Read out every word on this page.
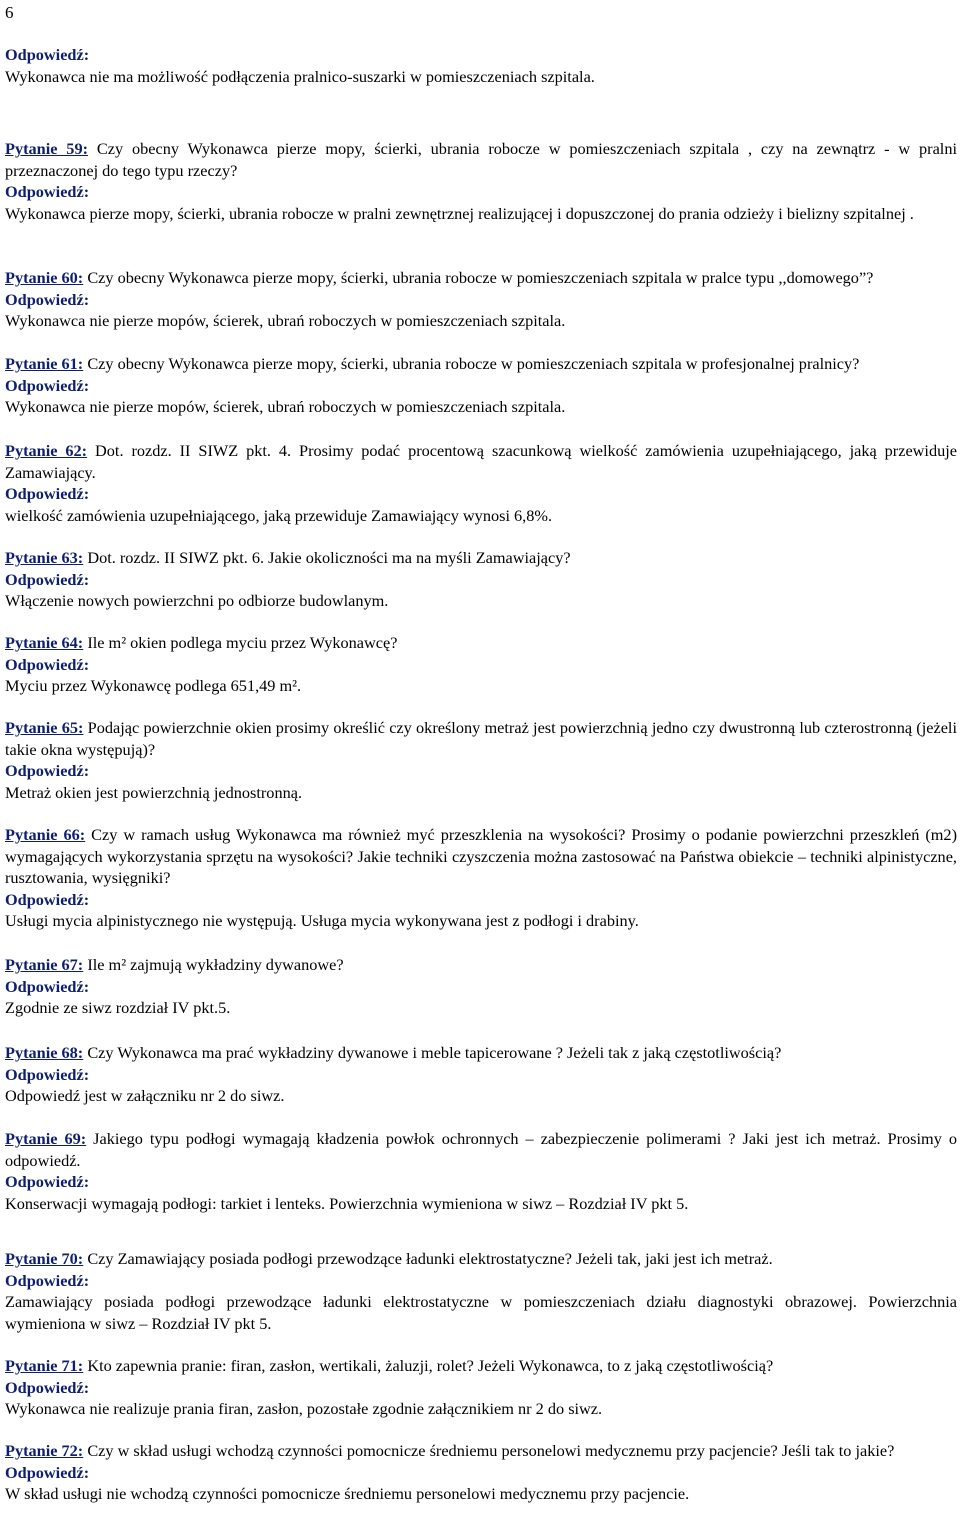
6

Odpowiedź:

Wykonawca nie ma możliwość podłączenia pralnico-suszarki w pomieszczeniach szpitala.

Pytanie 59: Czy obecny Wykonawca pierze mopy, ścierki, ubrania robocze w pomieszczeniach szpitala , czy na zewnątrz - w pralni przeznaczonej do tego typu rzeczy?

Odpowiedź:

Wykonawca pierze mopy, ścierki, ubrania robocze w pralni zewnętrznej realizującej i dopuszczonej do prania odzieży i bielizny szpitalnej .

Pytanie 60: Czy obecny Wykonawca pierze mopy, ścierki, ubrania robocze w pomieszczeniach szpitala w pralce typu ,,domowego”?

Odpowiedź:

Wykonawca nie pierze mopów, ścierek, ubrań roboczych w pomieszczeniach szpitala.

Pytanie 61: Czy obecny Wykonawca pierze mopy, ścierki, ubrania robocze w pomieszczeniach szpitala w profesjonalnej pralnicy?

Odpowiedź:

Wykonawca nie pierze mopów, ścierek, ubrań roboczych w pomieszczeniach szpitala.

Pytanie 62: Dot. rozdz. II SIWZ pkt. 4. Prosimy podać procentową szacunkową wielkość zamówienia uzupełniającego, jaką przewiduje Zamawiający.

Odpowiedź:

wielkość zamówienia uzupełniającego, jaką przewiduje Zamawiający wynosi 6,8%.

Pytanie 63: Dot. rozdz. II SIWZ pkt. 6. Jakie okoliczności ma na myśli Zamawiający?

Odpowiedź:

Włączenie nowych powierzchni po odbiorze budowlanym.

Pytanie 64: Ile m² okien podlega myciu przez Wykonawcę?

Odpowiedź:

Myciu przez Wykonawcę podlega 651,49 m².

Pytanie 65: Podając powierzchnie okien prosimy określić czy określony metraż jest powierzchnią jedno czy dwustronną lub czterostronną (jeżeli takie okna występują)?

Odpowiedź:

Metraż okien jest powierzchnią jednostronną.

Pytanie 66: Czy w ramach usług Wykonawca ma również myć przeszklenia na wysokości? Prosimy o podanie powierzchni przeszkleń (m2) wymagających wykorzystania sprzętu na wysokości? Jakie techniki czyszczenia można zastosować na Państwa obiekcie – techniki alpinistyczne, rusztowania, wysięgniki?

Odpowiedź:

Usługi mycia alpinistycznego nie występują. Usługa mycia wykonywana jest z podłogi i drabiny.

Pytanie 67: Ile m² zajmują wykładziny dywanowe?

Odpowiedź:

Zgodnie ze siwz rozdział IV pkt.5.

Pytanie 68: Czy Wykonawca ma prać wykładziny dywanowe i meble tapicerowane ? Jeżeli tak z jaką częstotliwością?

Odpowiedź:

Odpowiedź jest w załączniku nr 2 do siwz.

Pytanie 69: Jakiego typu podłogi wymagają kładzenia powłok ochronnych – zabezpieczenie polimerami ? Jaki jest ich metraż. Prosimy o odpowiedź.

Odpowiedź:

Konserwacji wymagają podłogi: tarkiet i lenteks. Powierzchnia wymieniona w siwz – Rozdział IV pkt 5.

Pytanie 70: Czy Zamawiający posiada podłogi przewodzące ładunki elektrostatyczne? Jeżeli tak, jaki jest ich metraż.

Odpowiedź:

Zamawiający posiada podłogi przewodzące ładunki elektrostatyczne w pomieszczeniach działu diagnostyki obrazowej. Powierzchnia wymieniona w siwz – Rozdział IV pkt 5.

Pytanie 71: Kto zapewnia pranie: firan, zasłon, wertikali, żaluzji, rolet? Jeżeli Wykonawca, to z jaką częstotliwością?

Odpowiedź:

Wykonawca nie realizuje prania firan, zasłon, pozostałe zgodnie załącznikiem nr 2 do siwz.

Pytanie 72: Czy w skład usługi wchodzą czynności pomocnicze średniemu personelowi medycznemu przy pacjencie? Jeśli tak to jakie?

Odpowiedź:

W skład usługi nie wchodzą czynności pomocnicze średniemu personelowi medycznemu przy pacjencie.
